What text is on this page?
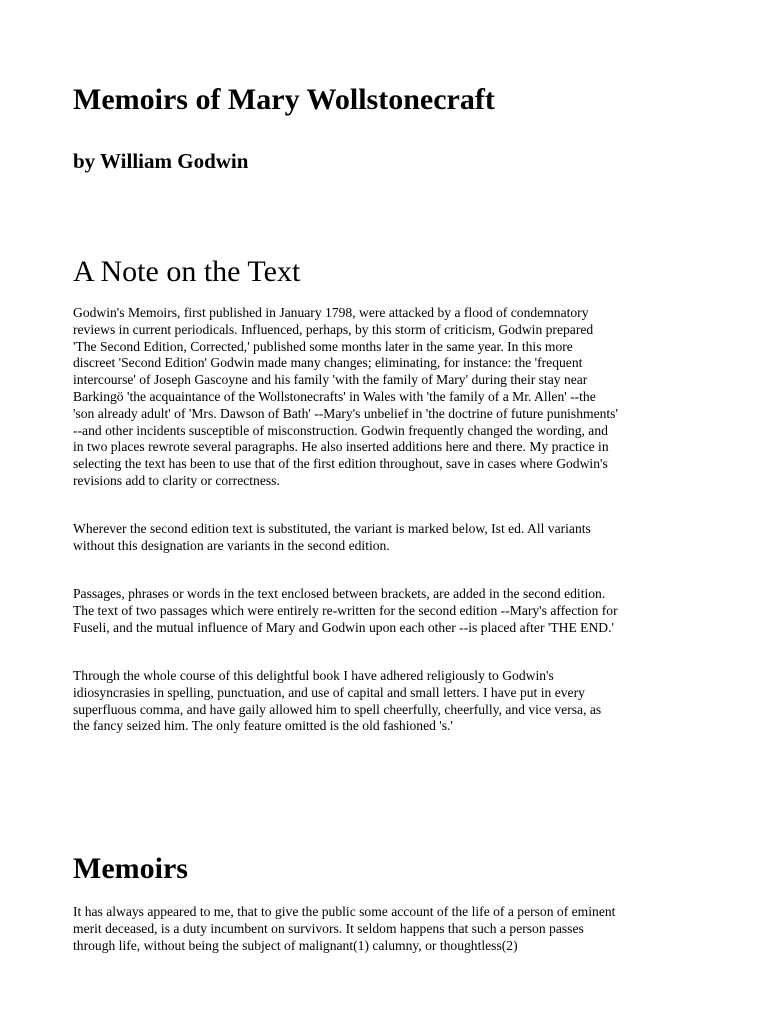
Memoirs of Mary Wollstonecraft
by William Godwin
A Note on the Text

Godwin's Memoirs, first published in January 1798, were attacked by a flood of condemnatory
reviews in current periodicals. Influenced, perhaps, by this storm of criticism, Godwin prepared
'The Second Edition, Corrected,' published some months later in the same year. In this more
discreet 'Second Edition' Godwin made many changes; eliminating, for instance: the 'frequent
intercourse' of Joseph Gascoyne and his family 'with the family of Mary' during their stay near
Barkingö 'the acquaintance of the Wollstonecrafts' in Wales with 'the family of a Mr. Allen' --the
'son already adult' of 'Mrs. Dawson of Bath' --Mary's unbelief in 'the doctrine of future punishments'
--and other incidents susceptible of misconstruction. Godwin frequently changed the wording, and
in two places rewrote several paragraphs. He also inserted additions here and there. My practice in
selecting the text has been to use that of the first edition throughout, save in cases where Godwin's
revisions add to clarity or correctness.

Wherever the second edition text is substituted, the variant is marked below, Ist ed. All variants
without this designation are variants in the second edition.

Passages, phrases or words in the text enclosed between brackets, are added in the second edition.
The text of two passages which were entirely re-written for the second edition --Mary's affection for
Fuseli, and the mutual influence of Mary and Godwin upon each other --is placed after 'THE END.'

Through the whole course of this delightful book I have adhered religiously to Godwin's
idiosyncrasies in spelling, punctuation, and use of capital and small letters. I have put in every
superfluous comma, and have gaily allowed him to spell cheerfully, cheerfully, and vice versa, as
the fancy seized him. The only feature omitted is the old fashioned 's.'

Memoirs

It has always appeared to me, that to give the public some account of the life of a person of eminent
merit deceased, is a duty incumbent on survivors. It seldom happens that such a person passes
through life, without being the subject of malignant(1) calumny, or thoughtless(2)
